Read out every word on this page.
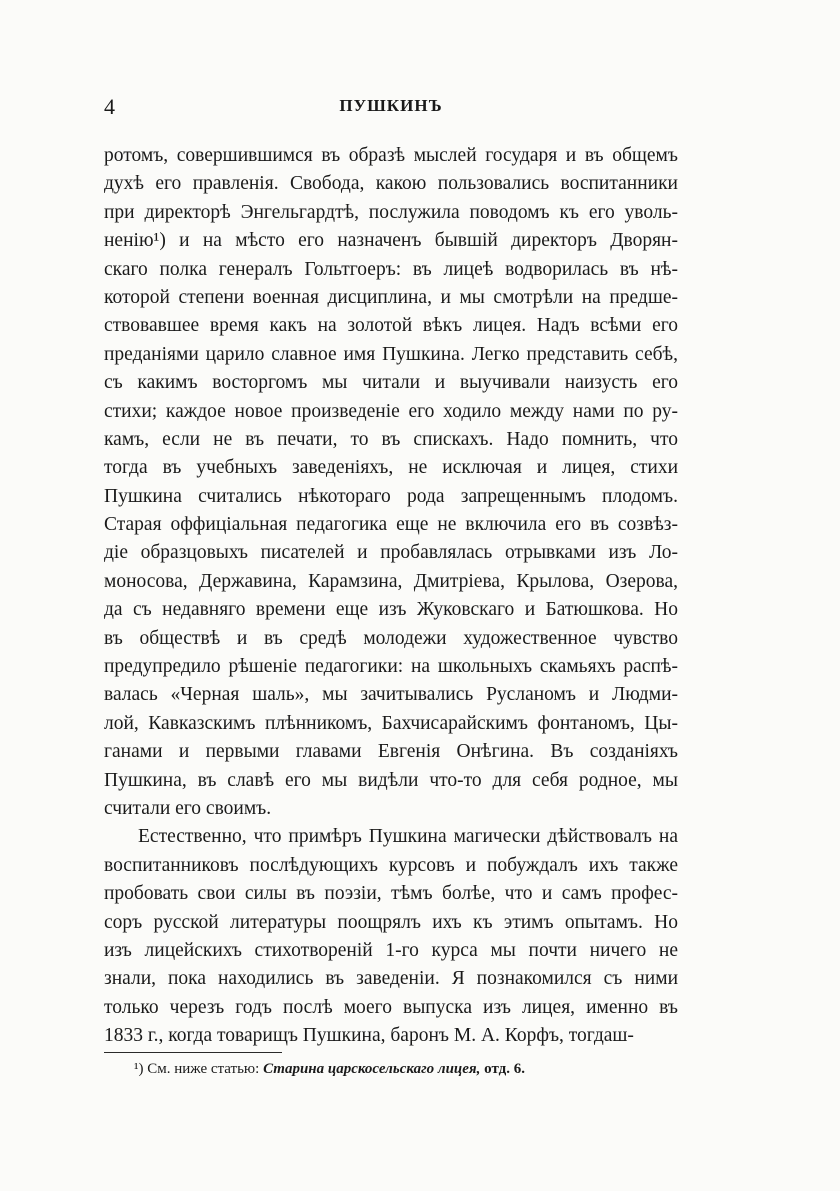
4	ПУШКИНЪ
ротомъ, совершившимся въ образѣ мыслей государя и въ общемъ
духѣ его правленія. Свобода, какою пользовались воспитанники
при директорѣ Энгельгардтѣ, послужила поводомъ къ его уволь-
ненію¹) и на мѣсто его назначенъ бывшій директоръ Дворян-
скаго полка генералъ Гольтгоеръ: въ лицеѣ водворилась въ нѣ-
которой степени военная дисциплина, и мы смотрѣли на предше-
ствовавшее время какъ на золотой вѣкъ лицея. Надъ всѣми его
преданіями царило славное имя Пушкина. Легко представить себѣ,
съ какимъ восторгомъ мы читали и выучивали наизусть его
стихи; каждое новое произведеніе его ходило между нами по ру-
камъ, если не въ печати, то въ спискахъ. Надо помнить, что
тогда въ учебныхъ заведеніяхъ, не исключая и лицея, стихи
Пушкина считались нѣкотораго рода запрещеннымъ плодомъ.
Старая оффиціальная педагогика еще не включила его въ созвѣз-
діе образцовыхъ писателей и пробавлялась отрывками изъ Ло-
моносова, Державина, Карамзина, Дмитріева, Крылова, Озерова,
да съ недавняго времени еще изъ Жуковскаго и Батюшкова. Но
въ обществѣ и въ средѣ молодежи художественное чувство
предупредило рѣшеніе педагогики: на школьныхъ скамьяхъ распѣ-
валась «Черная шаль», мы зачитывались Русланомъ и Людми-
лой, Кавказскимъ плѣнникомъ, Бахчисарайскимъ фонтаномъ, Цы-
ганами и первыми главами Евгенія Онѣгина. Въ созданіяхъ
Пушкина, въ славѣ его мы видѣли что-то для себя родное, мы
считали его своимъ.
Естественно, что примѣръ Пушкина магически дѣйствовалъ на
воспитанниковъ послѣдующихъ курсовъ и побуждалъ ихъ также
пробовать свои силы въ поэзіи, тѣмъ болѣе, что и самъ профес-
соръ русской литературы поощрялъ ихъ къ этимъ опытамъ. Но
изъ лицейскихъ стихотвореній 1-го курса мы почти ничего не
знали, пока находились въ заведеніи. Я познакомился съ ними
только черезъ годъ послѣ моего выпуска изъ лицея, именно въ
1833 г., когда товарищъ Пушкина, баронъ М. А. Корфъ, тогдаш-
¹) См. ниже статью: Старина царскосельскаго лицея, отд. 6.
